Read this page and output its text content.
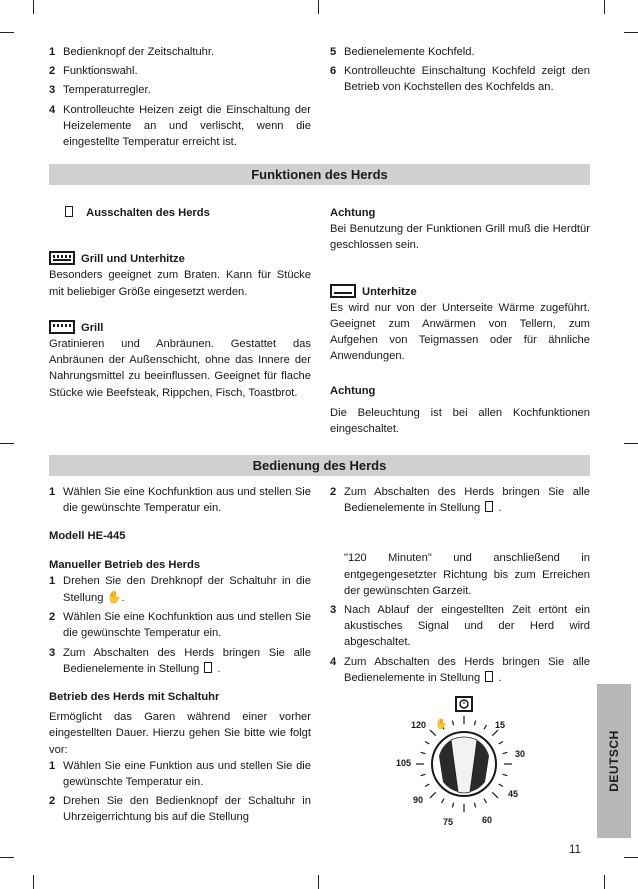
1 Bedienknopf der Zeitschaltuhr.
2 Funktionswahl.
3 Temperaturregler.
4 Kontrolleuchte Heizen zeigt die Einschaltung der Heizelemente an und verlischt, wenn die eingestellte Temperatur erreicht ist.
5 Bedienelemente Kochfeld.
6 Kontrolleuchte Einschaltung Kochfeld zeigt den Betrieb von Kochstellen des Kochfelds an.
Funktionen des Herds

Ausschalten des Herds

Grill und Unterhitze

Besonders geeignet zum Braten. Kann für Stücke mit beliebiger Größe eingesetzt werden.

Grill

Gratinieren und Anbräunen. Gestattet das Anbräunen der Außenschicht, ohne das Innere der Nahrungsmittel zu beeinflussen. Geeignet für flache Stücke wie Beefsteak, Rippchen, Fisch, Toastbrot.

Achtung

Bei Benutzung der Funktionen Grill muß die Herdtür geschlossen sein.

Unterhitze

Es wird nur von der Unterseite Wärme zugeführt. Geeignet zum Anwärmen von Tellern, zum Aufgehen von Teigmassen oder für ähnliche Anwendungen.

Achtung

Die Beleuchtung ist bei allen Kochfunktionen eingeschaltet.

Bedienung des Herds
1 Wählen Sie eine Kochfunktion aus und stellen Sie die gewünschte Temperatur ein.

Modell HE-445

Manueller Betrieb des Herds

1 Drehen Sie den Drehknopf der Schaltuhr in die Stellung ✋.
2 Wählen Sie eine Kochfunktion aus und stellen Sie die gewünschte Temperatur ein.
3 Zum Abschalten des Herds bringen Sie alle Bedienelemente in Stellung  .

Betrieb des Herds mit Schaltuhr

Ermöglicht das Garen während einer vorher eingestellten Dauer. Hierzu gehen Sie bitte wie folgt vor:

1 Wählen Sie eine Funktion aus und stellen Sie die gewünschte Temperatur ein.
2 Drehen Sie den Bedienknopf der Schaltuhr in Uhrzeigerrichtung bis auf die Stellung
2 Zum Abschalten des Herds bringen Sie alle Bedienelemente in Stellung  .
"120 Minuten" und anschließend in entgegengesetzter Richtung bis zum Erreichen der gewünschten Garzeit.
3 Nach Ablauf der eingestellten Zeit ertönt ein akustisches Signal und der Herd wird abgeschaltet.
4 Zum Abschalten des Herds bringen Sie alle Bedienelemente in Stellung  .
120	15
30
45
60
75
90
105
✋
DEUTSCH
11
